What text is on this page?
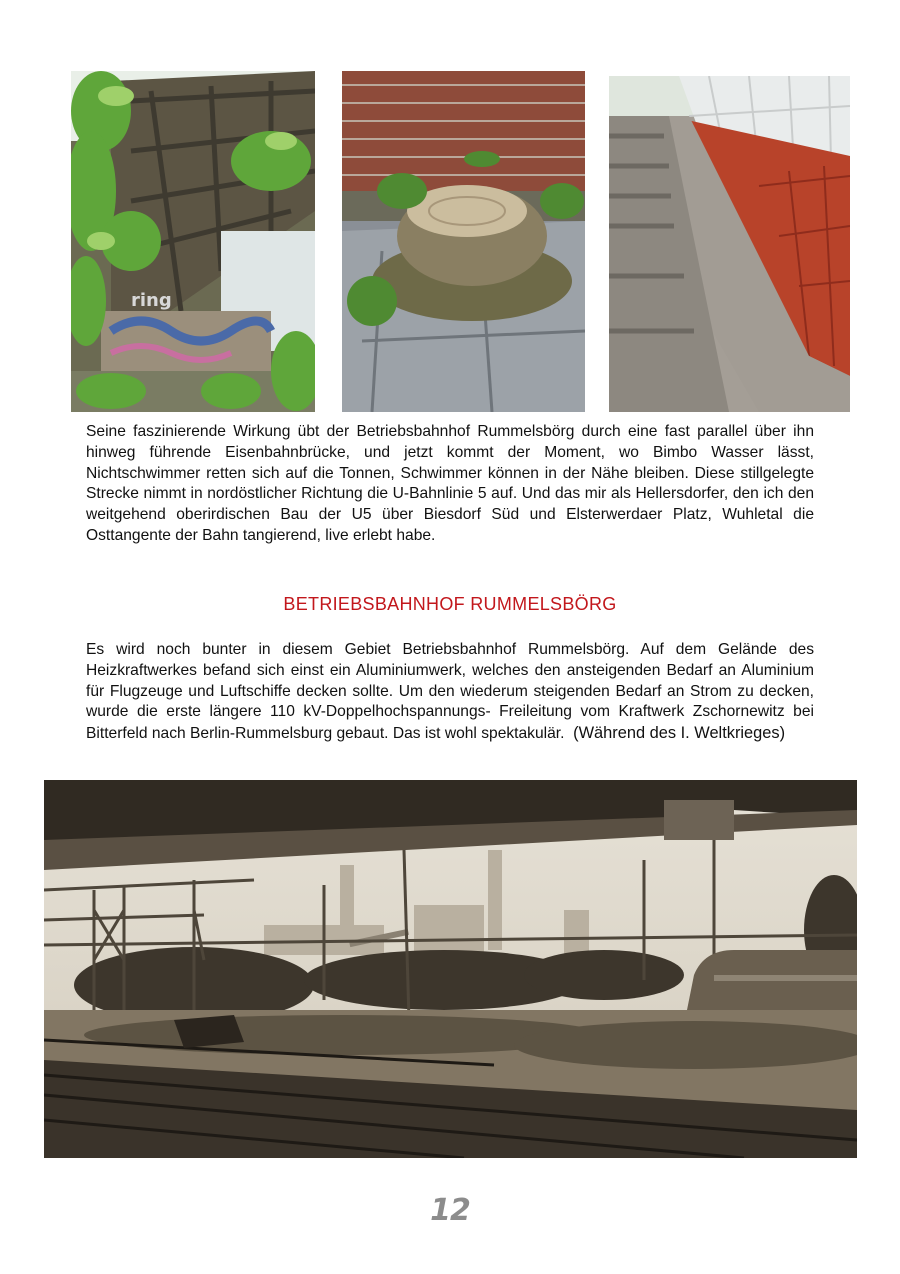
ring

Seine faszinierende Wirkung übt der Betriebsbahnhof Rummelsbörg durch eine fast parallel über ihn hinweg führende Eisenbahnbrücke, und jetzt kommt der Moment, wo Bimbo Wasser lässt, Nichtschwimmer retten sich auf die Tonnen, Schwimmer können in der Nähe bleiben. Diese stillgelegte Strecke nimmt in nordöstlicher Richtung die U-Bahnlinie 5 auf. Und das mir als Hellersdorfer, den ich den weitgehend oberirdischen Bau der U5 über Biesdorf Süd und Elsterwerdaer Platz, Wuhletal die Osttangente der Bahn tangierend, live erlebt habe.

BETRIEBSBAHNHOF RUMMELSBÖRG

Es wird noch bunter in diesem Gebiet Betriebsbahnhof Rummelsbörg. Auf dem Gelände des Heizkraftwerkes befand sich einst ein Aluminiumwerk, welches den ansteigenden Bedarf an Aluminium für Flugzeuge und Luftschiffe decken sollte. Um den wiederum steigenden Bedarf an Strom zu decken, wurde die erste längere 110 kV-Doppelhochspannungs- Freileitung vom Kraftwerk Zschornewitz bei Bitterfeld nach Berlin-Rummelsburg gebaut. Das ist wohl spektakulär. (Während des I. Weltkrieges)

12
